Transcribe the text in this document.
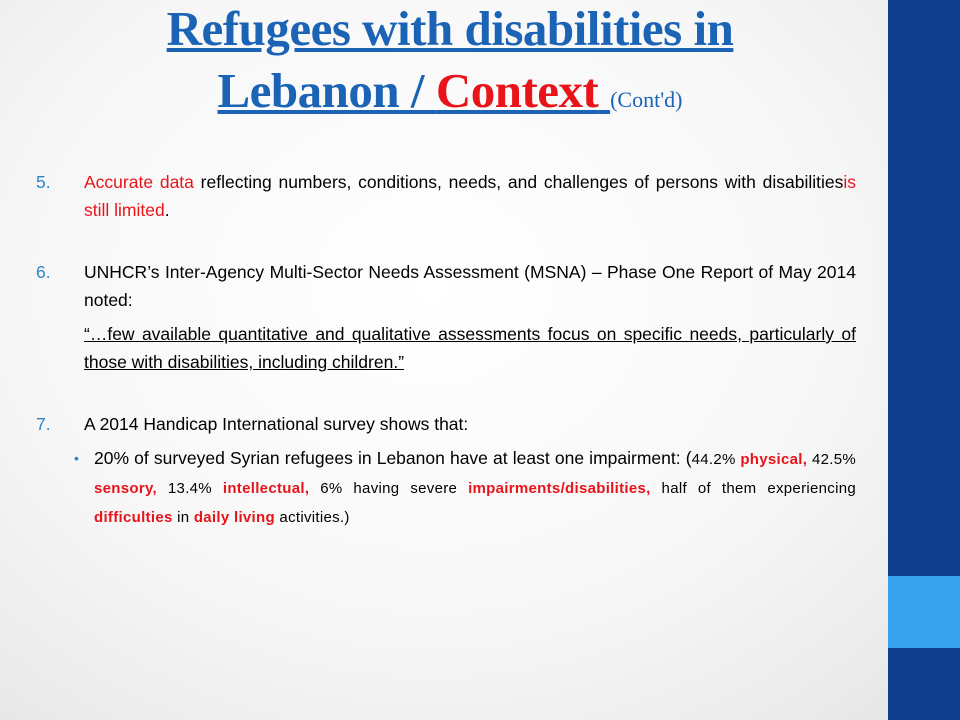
Refugees with disabilities in
Lebanon / Context (Cont'd)
5.	Accurate data reflecting numbers, conditions, needs, and challenges of persons with disabilitiesis still limited.
6.	UNHCR’s Inter-Agency Multi-Sector Needs Assessment (MSNA) – Phase One Report of May 2014 noted:
“…few available quantitative and qualitative assessments focus on specific needs, particularly of those with disabilities, including children.”
7.	A 2014 Handicap International survey shows that:
• 20% of surveyed Syrian refugees in Lebanon have at least one impairment: (44.2% physical, 42.5% sensory, 13.4% intellectual, 6% having severe impairments/disabilities, half of them experiencing difficulties in daily living activities.)
